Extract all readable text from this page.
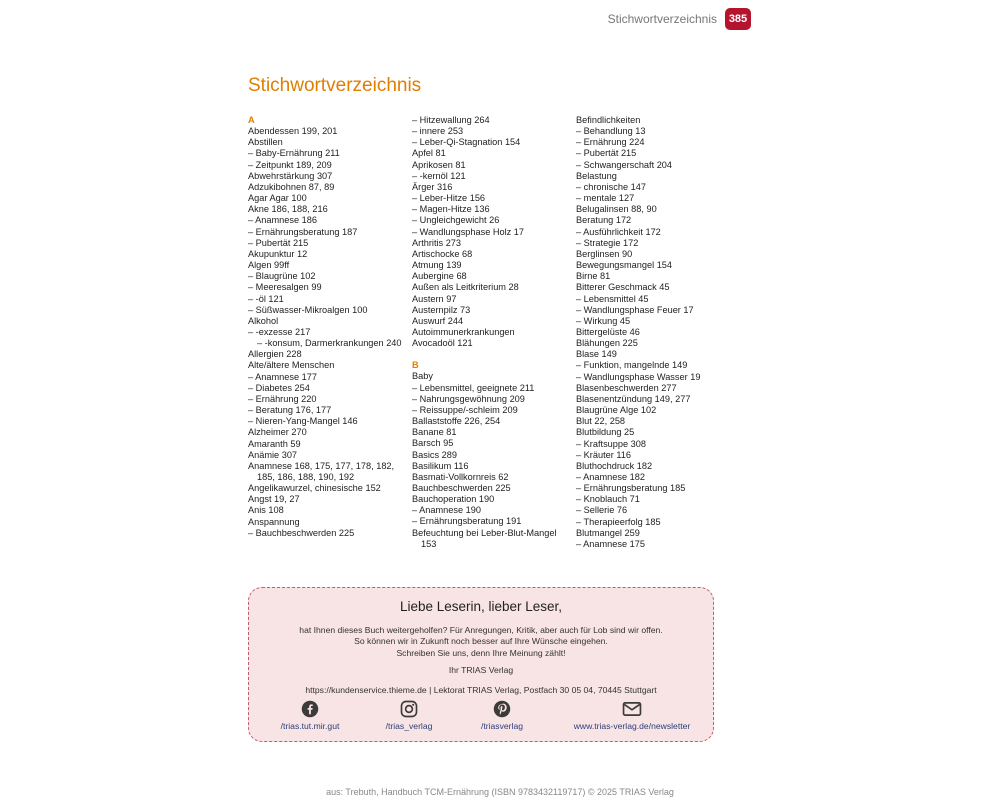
Stichwortverzeichnis	385
Stichwortverzeichnis
A
Abendessen 199, 201
Abstillen
– Baby-Ernährung 211
– Zeitpunkt 189, 209
Abwehrstärkung 307
Adzukibohnen 87, 89
Agar Agar 100
Akne 186, 188, 216
– Anamnese 186
– Ernährungsberatung 187
– Pubertät 215
Akupunktur 12
Algen 99ff
– Blaugrüne 102
– Meeresalgen 99
– -öl 121
– Süßwasser-Mikroalgen 100
Alkohol
– -exzesse 217
– -konsum, Darmerkrankungen 240
Allergien 228
Alte/ältere Menschen
– Anamnese 177
– Diabetes 254
– Ernährung 220
– Beratung 176, 177
– Nieren-Yang-Mangel 146
Alzheimer 270
Amaranth 59
Anämie 307
Anamnese 168, 175, 177, 178, 182, 185, 186, 188, 190, 192
Angelikawurzel, chinesische 152
Angst 19, 27
Anis 108
Anspannung
– Bauchbeschwerden 225
– Hitzewallung 264
– innere 253
– Leber-Qi-Stagnation 154
Apfel 81
Aprikosen 81
– -kernöl 121
Ärger 316
– Leber-Hitze 156
– Magen-Hitze 136
– Ungleichgewicht 26
– Wandlungsphase Holz 17
Arthritis 273
Artischocke 68
Atmung 139
Aubergine 68
Außen als Leitkriterium 28
Austern 97
Austernpilz 73
Auswurf 244
Autoimmunerkrankungen
Avocadoöl 121
B
Baby
– Lebensmittel, geeignete 211
– Nahrungsgewöhnung 209
– Reissuppe/-schleim 209
Ballaststoffe 226, 254
Banane 81
Barsch 95
Basics 289
Basilikum 116
Basmati-Vollkornreis 62
Bauchbeschwerden 225
Bauchoperation 190
– Anamnese 190
– Ernährungsberatung 191
Befeuchtung bei Leber-Blut-Mangel 153
Befindlichkeiten
– Behandlung 13
– Ernährung 224
– Pubertät 215
– Schwangerschaft 204
Belastung
– chronische 147
– mentale 127
Belugalinsen 88, 90
Beratung 172
– Ausführlichkeit 172
– Strategie 172
Berglinsen 90
Bewegungsmangel 154
Birne 81
Bitterer Geschmack 45
– Lebensmittel 45
– Wandlungsphase Feuer 17
– Wirkung 45
Bittergelüste 46
Blähungen 225
Blase 149
– Funktion, mangelnde 149
– Wandlungsphase Wasser 19
Blasenbeschwerden 277
Blasenentzündung 149, 277
Blaugrüne Alge 102
Blut 22, 258
Blutbildung 25
– Kraftsuppe 308
– Kräuter 116
Bluthochdruck 182
– Anamnese 182
– Ernährungsberatung 185
– Knoblauch 71
– Sellerie 76
– Therapieerfolg 185
Blutmangel 259
– Anamnese 175
Liebe Leserin, lieber Leser,
hat Ihnen dieses Buch weitergeholfen? Für Anregungen, Kritik, aber auch für Lob sind wir offen.
So können wir in Zukunft noch besser auf Ihre Wünsche eingehen.
Schreiben Sie uns, denn Ihre Meinung zählt!
Ihr TRIAS Verlag
https://kundenservice.thieme.de | Lektorat TRIAS Verlag, Postfach 30 05 04, 70445 Stuttgart
/trias.tut.mir.gut	/trias_verlag	/triasverlag	www.trias-verlag.de/newsletter
aus: Trebuth, Handbuch TCM-Ernährung (ISBN 9783432119717) © 2025 TRIAS Verlag
